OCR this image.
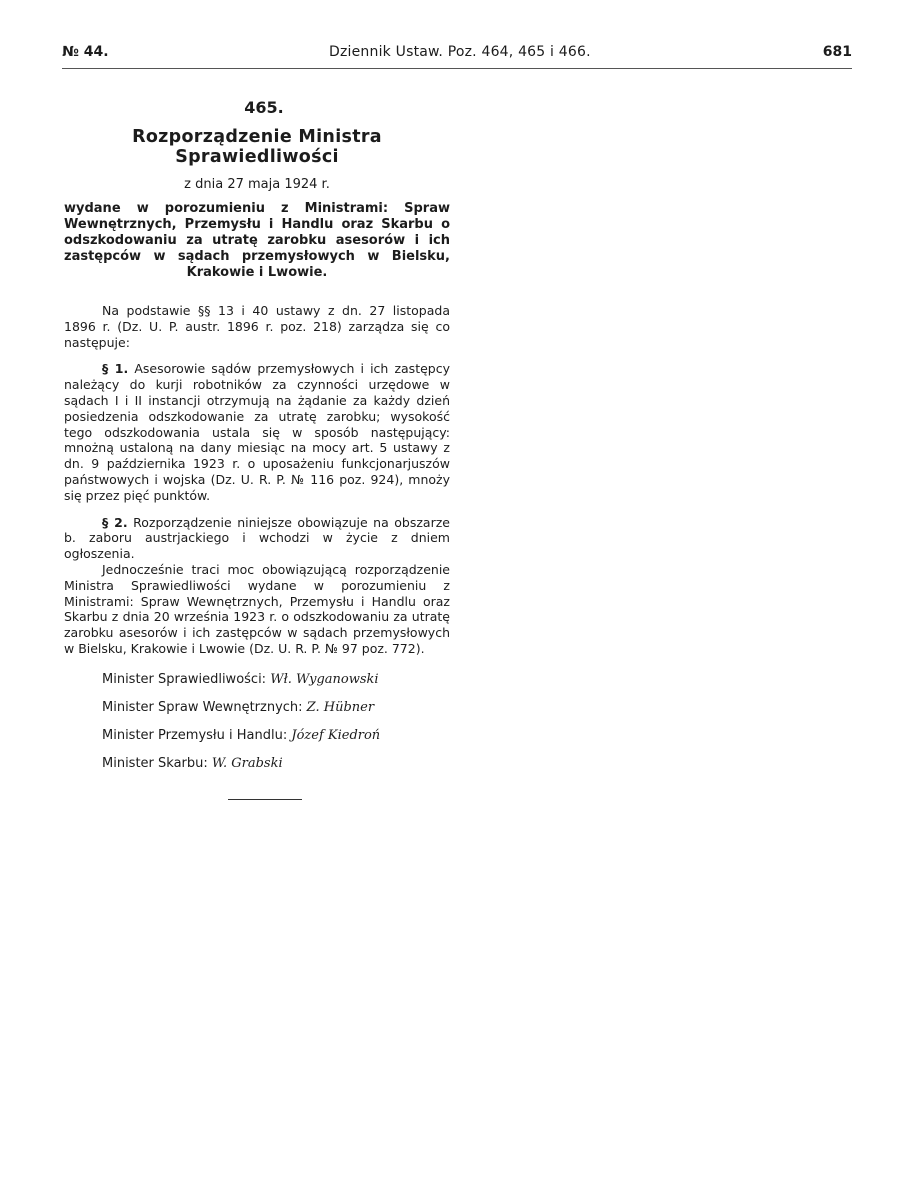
№ 44.	Dziennik Ustaw. Poz. 464, 465 i 466.	681
465.
Rozporządzenie Ministra Sprawiedliwości
z dnia 27 maja 1924 r.
wydane w porozumieniu z Ministrami: Spraw Wewnętrznych, Przemysłu i Handlu oraz Skarbu o odszkodowaniu za utratę zarobku asesorów i ich zastępców w sądach przemysłowych w Bielsku, Krakowie i Lwowie.

Na podstawie §§ 13 i 40 ustawy z dn. 27 listopada 1896 r. (Dz. U. P. austr. 1896 r. poz. 218) zarządza się co następuje:

§ 1. Asesorowie sądów przemysłowych i ich zastępcy należący do kurji robotników za czynności urzędowe w sądach I i II instancji otrzymują na żądanie za każdy dzień posiedzenia odszkodowanie za utratę zarobku; wysokość tego odszkodowania ustala się w sposób następujący: mnożną ustaloną na dany miesiąc na mocy art. 5 ustawy z dn. 9 października 1923 r. o uposażeniu funkcjonarjuszów państwowych i wojska (Dz. U. R. P. № 116 poz. 924), mnoży się przez pięć punktów.

§ 2. Rozporządzenie niniejsze obowiązuje na obszarze b. zaboru austrjackiego i wchodzi w życie z dniem ogłoszenia.

Jednocześnie traci moc obowiązującą rozporządzenie Ministra Sprawiedliwości wydane w porozumieniu z Ministrami: Spraw Wewnętrznych, Przemysłu i Handlu oraz Skarbu z dnia 20 września 1923 r. o odszkodowaniu za utratę zarobku asesorów i ich zastępców w sądach przemysłowych w Bielsku, Krakowie i Lwowie (Dz. U. R. P. № 97 poz. 772).

Minister Sprawiedliwości: Wł. Wyganowski
Minister Spraw Wewnętrznych: Z. Hübner
Minister Przemysłu i Handlu: Józef Kiedroń
Minister Skarbu: W. Grabski
